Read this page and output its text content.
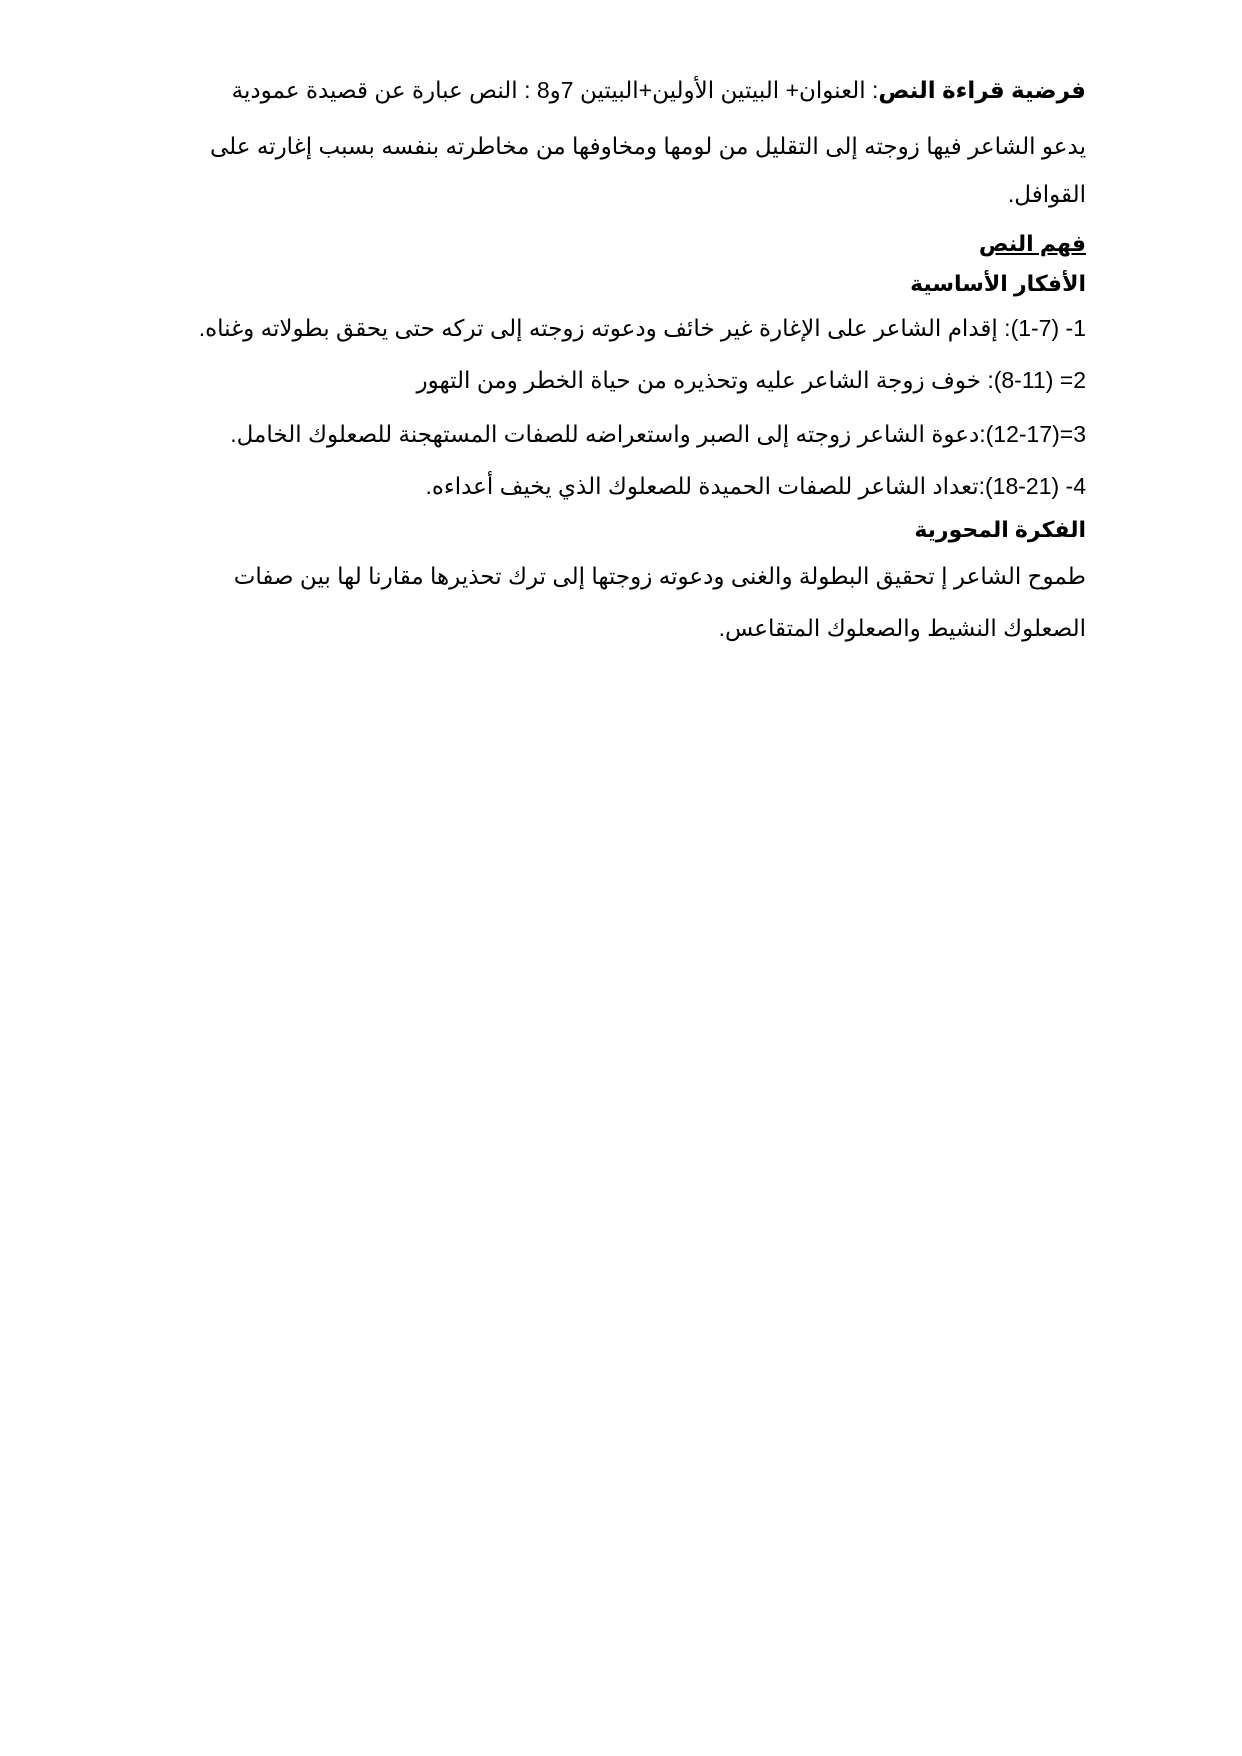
فرضية قراءة النص: العنوان+ البيتين الأولين+البيتين 7و8 : النص عبارة عن قصيدة عمودية
يدعو الشاعر فيها زوجته إلى التقليل من لومها ومخاوفها من مخاطرته بنفسه بسبب إغارته على
القوافل.
فهم النص
الأفكار الأساسية
1- (1-7): إقدام الشاعر على الإغارة غير خائف ودعوته زوجته إلى تركه حتى يحقق بطولاته وغناه.
2= (8-11): خوف زوجة الشاعر عليه وتحذيره من حياة الخطر ومن التهور
3=(12-17):دعوة الشاعر زوجته إلى الصبر واستعراضه للصفات المستهجنة للصعلوك الخامل.
4- (18-21):تعداد الشاعر للصفات الحميدة للصعلوك الذي يخيف أعداءه.
الفكرة المحورية
طموح الشاعر إ تحقيق البطولة والغنى ودعوته زوجتها إلى ترك تحذيرها مقارنا لها بين صفات
الصعلوك النشيط والصعلوك المتقاعس.
